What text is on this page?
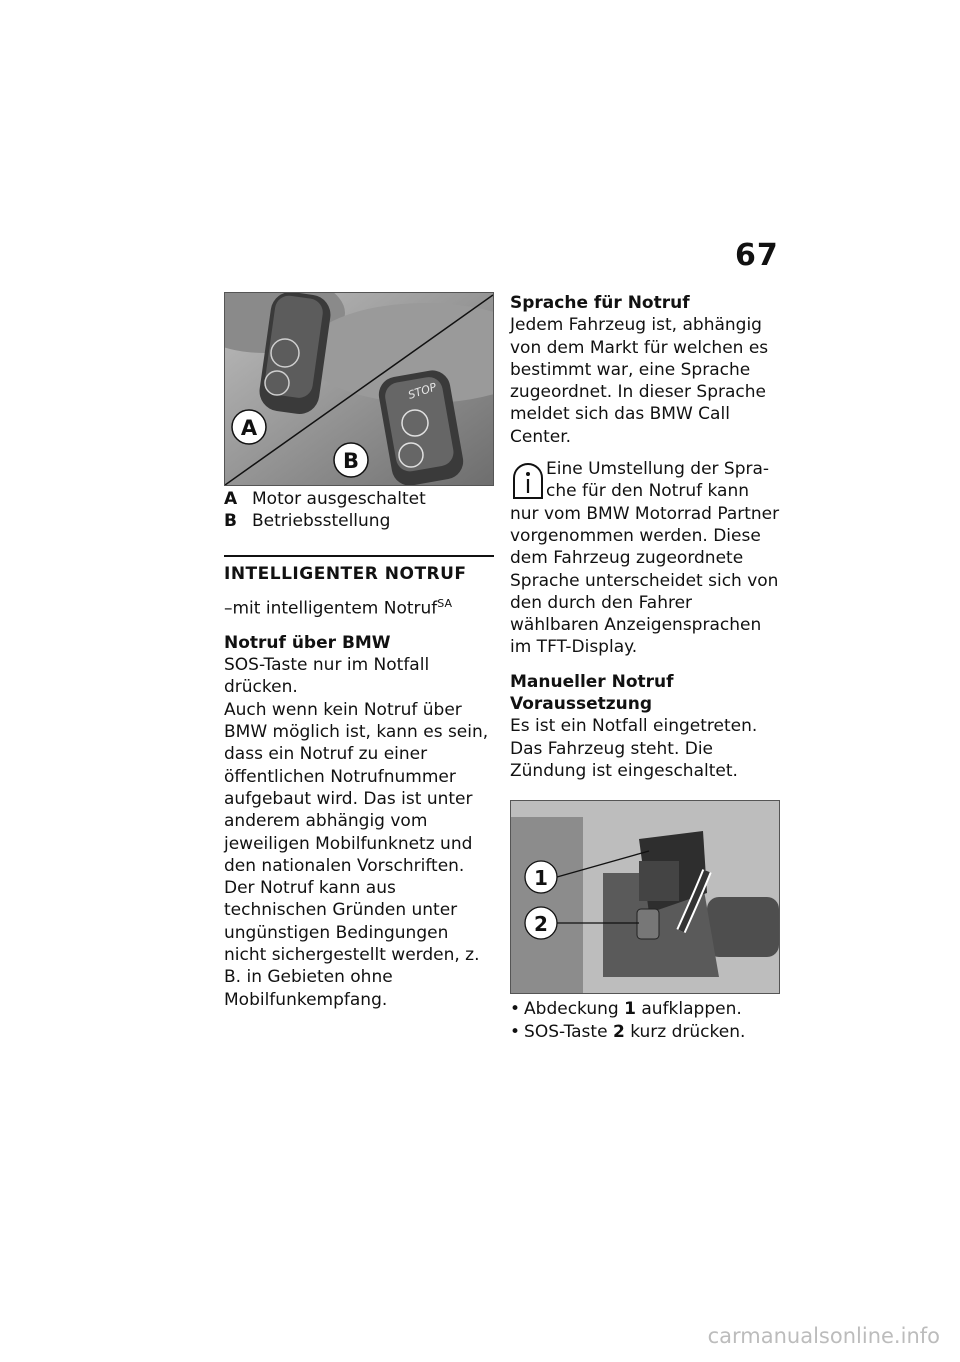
67
STOP
A
B
A Motor ausgeschaltet
B Betriebsstellung
INTELLIGENTER NOTRUF

–mit intelligentem Notruf$^{SA}$

Notruf über BMW

SOS-Taste nur im Notfall drücken.

Auch wenn kein Notruf über BMW möglich ist, kann es sein, dass ein Notruf zu einer öffentlichen Notrufnummer aufgebaut wird. Das ist unter anderem abhängig vom jeweiligen Mobilfunknetz und den nationalen Vorschriften.

Der Notruf kann aus technischen Gründen unter ungünstigen Bedingungen nicht sichergestellt werden, z. B. in Gebieten ohne Mobilfunkempfang.

Sprache für Notruf

Jedem Fahrzeug ist, abhängig von dem Markt für welchen es bestimmt war, eine Sprache zugeordnet. In dieser Sprache meldet sich das BMW Call Center.

Eine Umstellung der Spra-
che für den Notruf kann

nur vom BMW Motorrad Partner vorgenommen werden. Diese dem Fahrzeug zugeordnete Sprache unterscheidet sich von den durch den Fahrer wählbaren Anzeigensprachen im TFT-Display.

Manueller Notruf
Voraussetzung

Es ist ein Notfall eingetreten. Das Fahrzeug steht. Die Zündung ist eingeschaltet.

1
2

• Abdeckung 1 aufklappen.

• SOS-Taste 2 kurz drücken.

carmanualsonline.info
